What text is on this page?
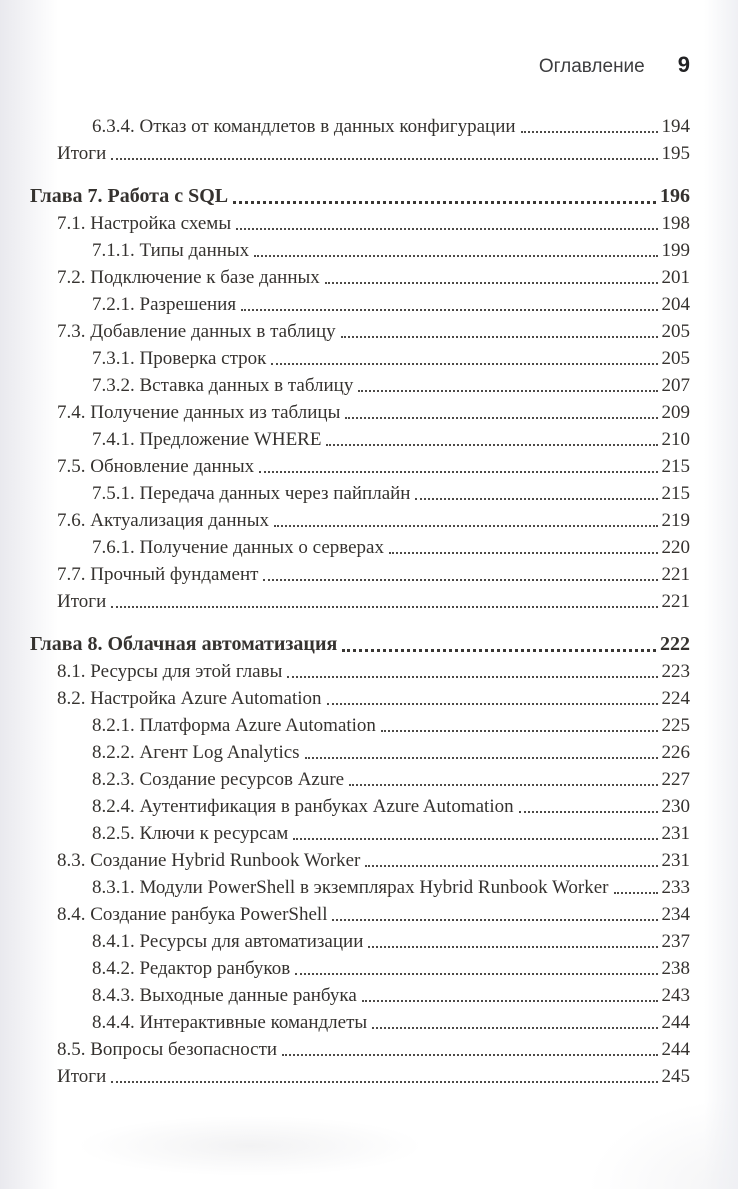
Оглавление 9
6.3.4. Отказ от командлетов в данных конфигурации	194
Итоги	195
Глава 7. Работа с SQL	196
7.1. Настройка схемы	198
7.1.1. Типы данных	199
7.2. Подключение к базе данных	201
7.2.1. Разрешения	204
7.3. Добавление данных в таблицу	205
7.3.1. Проверка строк	205
7.3.2. Вставка данных в таблицу	207
7.4. Получение данных из таблицы	209
7.4.1. Предложение WHERE	210
7.5. Обновление данных	215
7.5.1. Передача данных через пайплайн	215
7.6. Актуализация данных	219
7.6.1. Получение данных о серверах	220
7.7. Прочный фундамент	221
Итоги	221
Глава 8. Облачная автоматизация	222
8.1. Ресурсы для этой главы	223
8.2. Настройка Azure Automation	224
8.2.1. Платформа Azure Automation	225
8.2.2. Агент Log Analytics	226
8.2.3. Создание ресурсов Azure	227
8.2.4. Аутентификация в ранбуках Azure Automation	230
8.2.5. Ключи к ресурсам	231
8.3. Создание Hybrid Runbook Worker	231
8.3.1. Модули PowerShell в экземплярах Hybrid Runbook Worker	233
8.4. Создание ранбука PowerShell	234
8.4.1. Ресурсы для автоматизации	237
8.4.2. Редактор ранбуков	238
8.4.3. Выходные данные ранбука	243
8.4.4. Интерактивные командлеты	244
8.5. Вопросы безопасности	244
Итоги	245
